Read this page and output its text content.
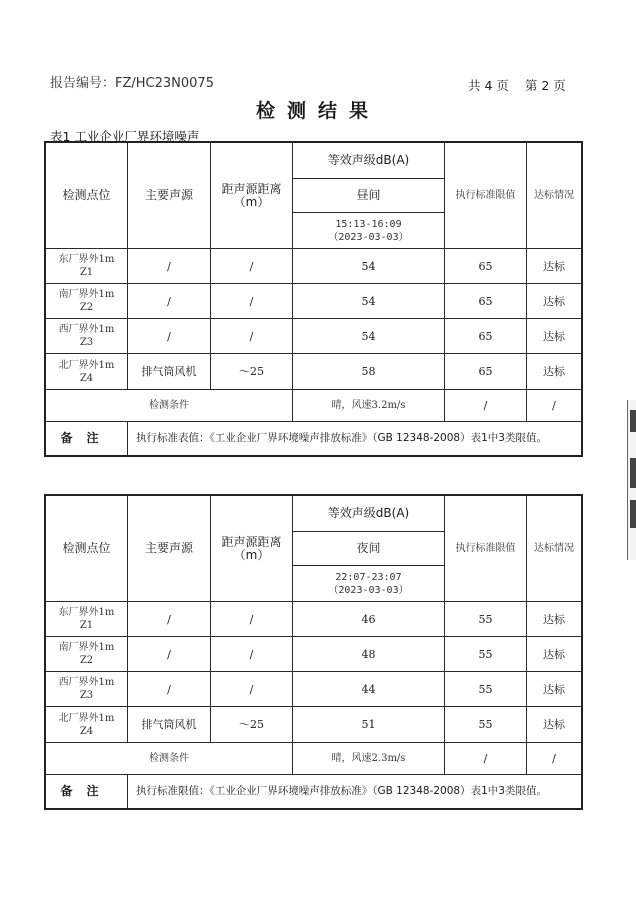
报告编号：FZ/HC23N0075	共 4 页 第 2 页
检测结果
表1 工业企业厂界环境噪声
检测点位	主要声源	距声源距离（m）	等效声级dB(A)	执行标准限值	达标情况
			昼间		

			15:13-16:09
（2023-03-03）		

东厂界外1m
Z1	/	/	54	65	达标

南厂界外1m
Z2	/	/	54	65	达标

西厂界外1m
Z3	/	/	54	65	达标

北厂界外1m
Z4	排气筒风机	～25	58	65	达标
检测条件			晴，风速3.2m/s	/	/
备注	执行标准表值：《工业企业厂界环境噪声排放标准》（GB 12348-2008）表1中3类限值。				
检测点位	主要声源	距声源距离（m）	等效声级dB(A)	执行标准限值	达标情况
			夜间		

			22:07-23:07
（2023-03-03）		

东厂界外1m
Z1	/	/	46	55	达标

南厂界外1m
Z2	/	/	48	55	达标

西厂界外1m
Z3	/	/	44	55	达标

北厂界外1m
Z4	排气筒风机	～25	51	55	达标
检测条件			晴，风速2.3m/s	/	/
备注	执行标准限值：《工业企业厂界环境噪声排放标准》（GB 12348-2008）表1中3类限值。				
